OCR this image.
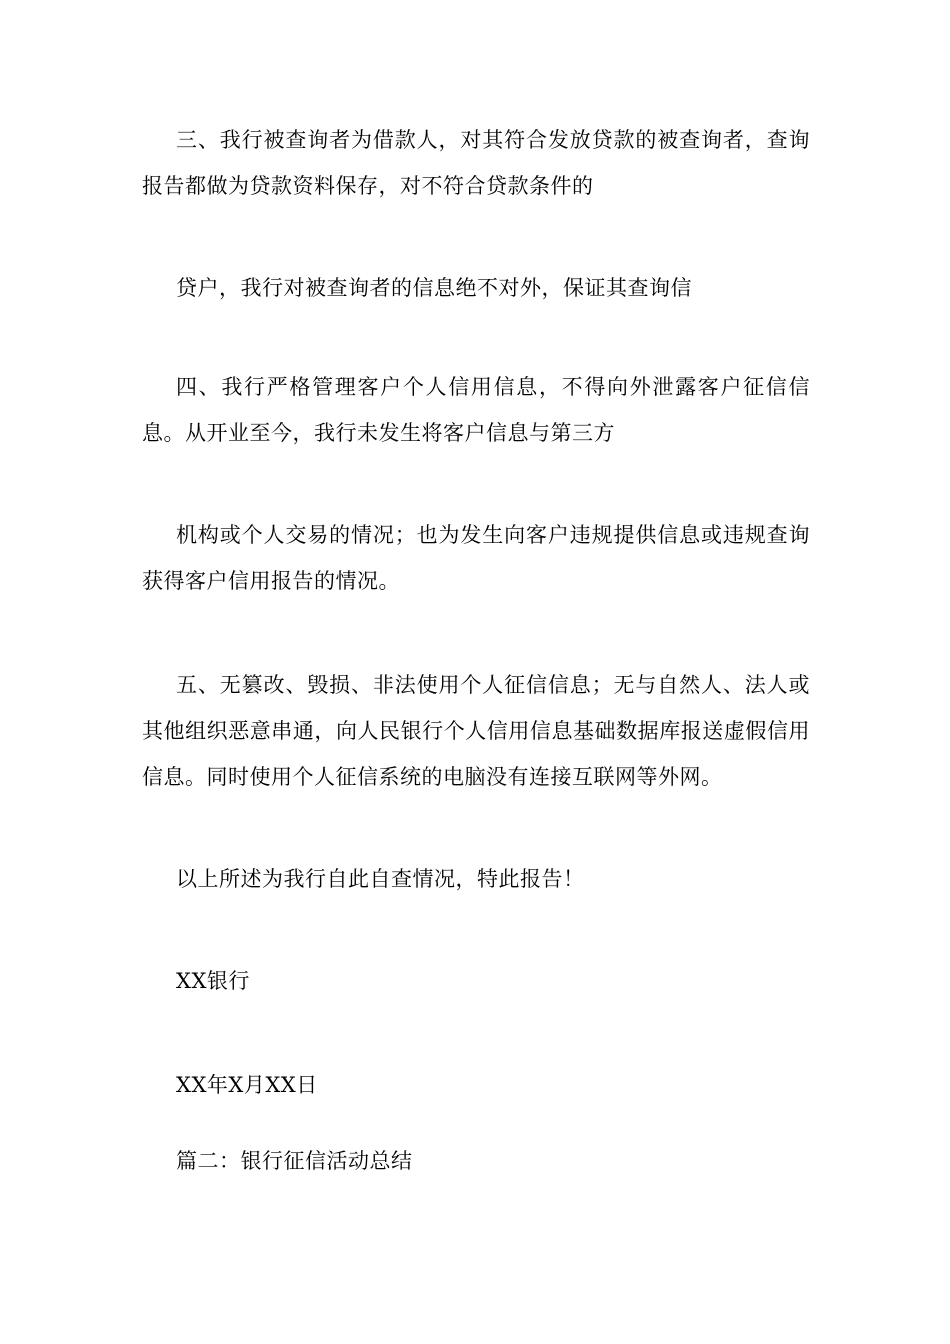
三、我行被查询者为借款人，对其符合发放贷款的被查询者，查询报告都做为贷款资料保存，对不符合贷款条件的

贷户，我行对被查询者的信息绝不对外，保证其查询信

四、我行严格管理客户个人信用信息，不得向外泄露客户征信信息。从开业至今，我行未发生将客户信息与第三方

机构或个人交易的情况；也为发生向客户违规提供信息或违规查询获得客户信用报告的情况。

五、无篡改、毁损、非法使用个人征信信息；无与自然人、法人或其他组织恶意串通，向人民银行个人信用信息基础数据库报送虚假信用信息。同时使用个人征信系统的电脑没有连接互联网等外网。

以上所述为我行自此自查情况，特此报告！

XX银行

XX年X月XX日

篇二：银行征信活动总结
